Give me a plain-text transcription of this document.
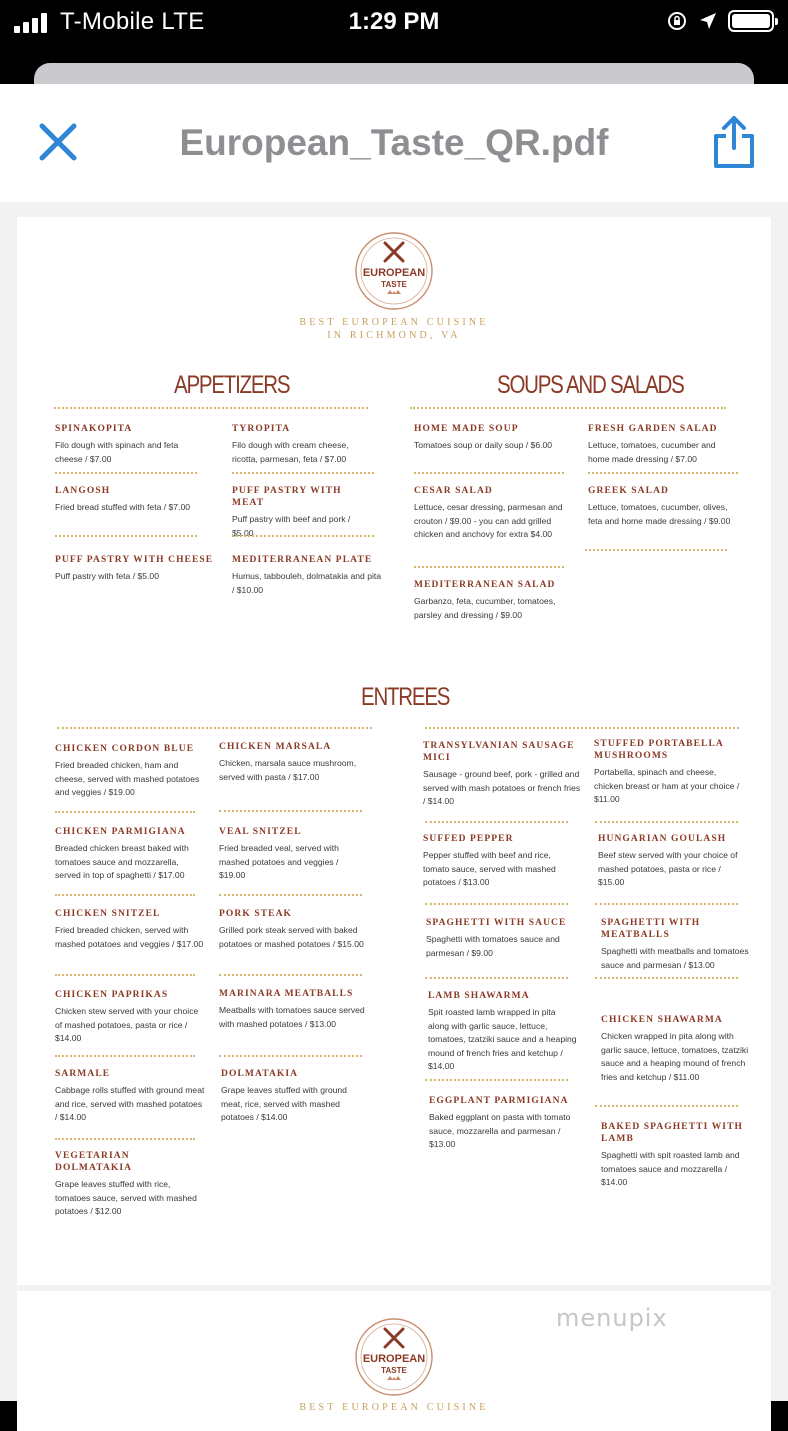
T-Mobile LTE	1:29 PM
European_Taste_QR.pdf
EUROPEAN
TASTE
BEST EUROPEAN CUISINE
IN RICHMOND, VA
APPETIZERS	SOUPS AND SALADS
SPINAKOPITA
Filo dough with spinach and feta cheese / $7.00
TYROPITA
Filo dough with cream cheese, ricotta, parmesan, feta / $7.00
LANGOSH
Fried bread stuffed with feta / $7.00
PUFF PASTRY WITH MEAT
Puff pastry with beef and pork / $5.00
PUFF PASTRY WITH CHEESE
Puff pastry with feta / $5.00
MEDITERRANEAN PLATE
Humus, tabbouleh, dolmatakia and pita / $10.00
HOME MADE SOUP
Tomatoes soup or daily soup / $6.00
FRESH GARDEN SALAD
Lettuce, tomatoes, cucumber and home made dressing / $7.00
CESAR SALAD
Lettuce, cesar dressing, parmesan and crouton / $9.00 - you can add grilled chicken and anchovy for extra $4.00
GREEK SALAD
Lettuce, tomatoes, cucumber, olives, feta and home made dressing / $9.00
MEDITERRANEAN SALAD
Garbanzo, feta, cucumber, tomatoes, parsley and dressing / $9.00
ENTREES
CHICKEN CORDON BLUE
Fried breaded chicken, ham and cheese, served with mashed potatoes and veggies / $19.00
CHICKEN MARSALA
Chicken, marsala sauce mushroom, served with pasta / $17.00
TRANSYLVANIAN SAUSAGE MICI
Sausage - ground beef, pork - grilled and served with mash potatoes or french fries / $14.00
STUFFED PORTABELLA MUSHROOMS
Portabella, spinach and cheese, chicken breast or ham at your choice / $11.00
CHICKEN PARMIGIANA
Breaded chicken breast baked with tomatoes sauce and mozzarella, served in top of spaghetti / $17.00
VEAL SNITZEL
Fried breaded veal, served with mashed potatoes and veggies / $19.00
SUFFED PEPPER
Pepper stuffed with beef and rice, tomato sauce, served with mashed potatoes / $13.00
HUNGARIAN GOULASH
Beef stew served with your choice of mashed potatoes, pasta or rice / $15.00
CHICKEN SNITZEL
Fried breaded chicken, served with mashed potatoes and veggies / $17.00
PORK STEAK
Grilled pork steak served with baked potatoes or mashed potatoes / $15.00
SPAGHETTI WITH SAUCE
Spaghetti with tomatoes sauce and parmesan / $9.00
SPAGHETTI WITH MEATBALLS
Spaghetti with meatballs and tomatoes sauce and parmesan / $13.00
CHICKEN PAPRIKAS
Chicken stew served with your choice of mashed potatoes, pasta or rice / $14.00
MARINARA MEATBALLS
Meatballs with tomatoes sauce served with mashed potatoes / $13.00
LAMB SHAWARMA
Spit roasted lamb wrapped in pita along with garlic sauce, lettuce, tomatoes, tzatziki sauce and a heaping mound of french fries and ketchup / $14.00
CHICKEN SHAWARMA
Chicken wrapped in pita along with garlic sauce, lettuce, tomatoes, tzatziki sauce and a heaping mound of french fries and ketchup / $11.00
SARMALE
Cabbage rolls stuffed with ground meat and rice, served with mashed potatoes / $14.00
DOLMATAKIA
Grape leaves stuffed with ground meat, rice, served with mashed potatoes / $14.00
EGGPLANT PARMIGIANA
Baked eggplant on pasta with tomato sauce, mozzarella and parmesan / $13.00
BAKED SPAGHETTI WITH LAMB
Spaghetti with spit roasted lamb and tomatoes sauce and mozzarella / $14.00
VEGETARIAN DOLMATAKIA
Grape leaves stuffed with rice, tomatoes sauce, served with mashed potatoes / $12.00
EUROPEAN
TASTE
BEST EUROPEAN CUISINE
menupix
